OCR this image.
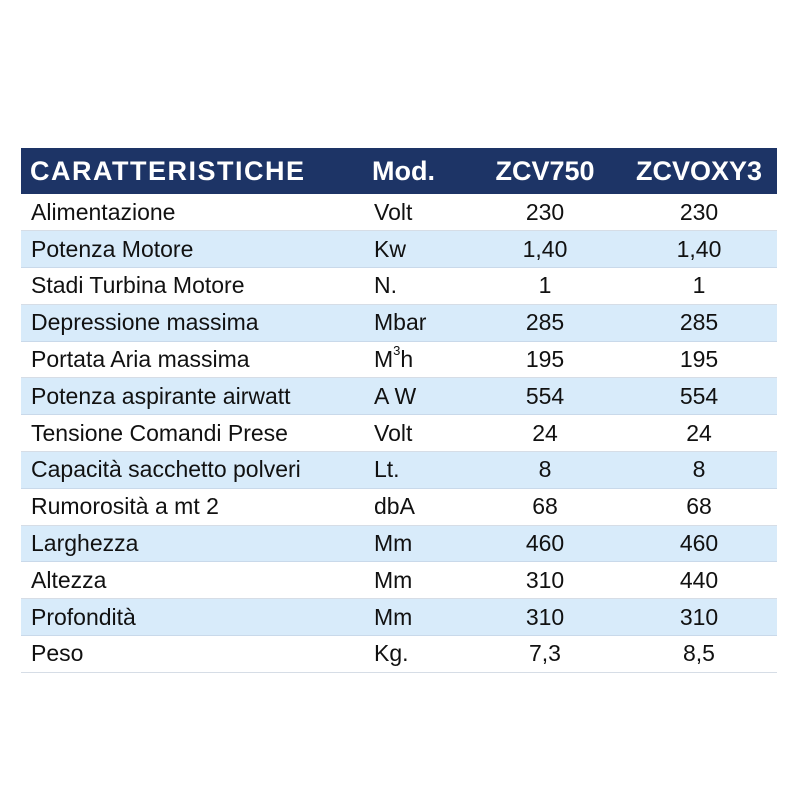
CARATTERISTICHE	Mod.	ZCV750	ZCVOXY3
Alimentazione	Volt	230	230
Potenza Motore	Kw	1,40	1,40
Stadi Turbina Motore	N.	1	1
Depressione massima	Mbar	285	285
Portata Aria massima	$M^3h$	195	195
Potenza aspirante airwatt	A W	554	554
Tensione Comandi Prese	Volt	24	24
Capacità sacchetto polveri	Lt.	8	8
Rumorosità a mt 2	dbA	68	68
Larghezza	Mm	460	460
Altezza	Mm	310	440
Profondità	Mm	310	310
Peso	Kg.	7,3	8,5
